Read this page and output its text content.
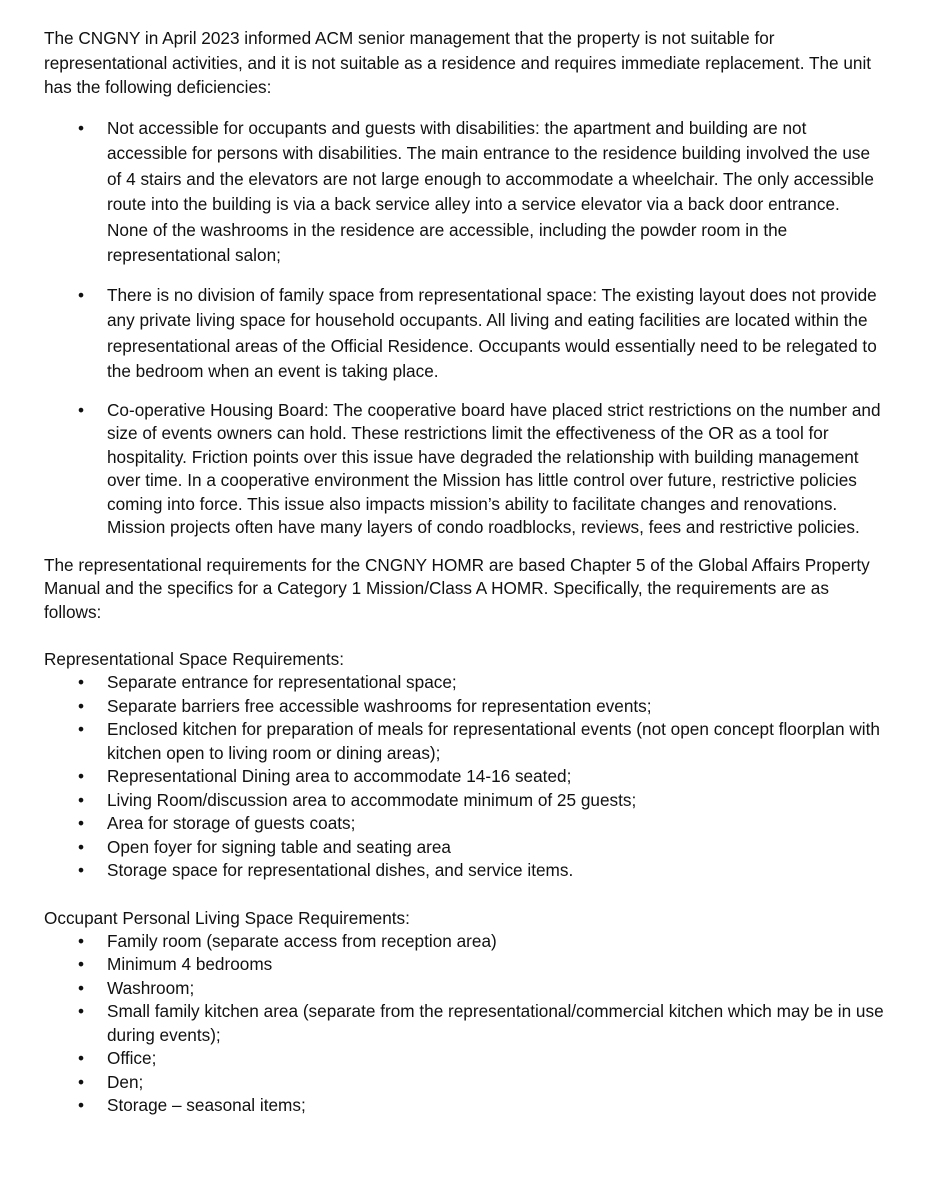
The CNGNY in April 2023 informed ACM senior management that the property is not suitable for representational activities, and it is not suitable as a residence and requires immediate replacement. The unit has the following deficiencies:

• Not accessible for occupants and guests with disabilities: the apartment and building are not accessible for persons with disabilities. The main entrance to the residence building involved the use of 4 stairs and the elevators are not large enough to accommodate a wheelchair. The only accessible route into the building is via a back service alley into a service elevator via a back door entrance. None of the washrooms in the residence are accessible, including the powder room in the representational salon;
• There is no division of family space from representational space: The existing layout does not provide any private living space for household occupants. All living and eating facilities are located within the representational areas of the Official Residence. Occupants would essentially need to be relegated to the bedroom when an event is taking place.
• Co-operative Housing Board: The cooperative board have placed strict restrictions on the number and size of events owners can hold. These restrictions limit the effectiveness of the OR as a tool for hospitality. Friction points over this issue have degraded the relationship with building management over time. In a cooperative environment the Mission has little control over future, restrictive policies coming into force. This issue also impacts mission’s ability to facilitate changes and renovations. Mission projects often have many layers of condo roadblocks, reviews, fees and restrictive policies.

The representational requirements for the CNGNY HOMR are based Chapter 5 of the Global Affairs Property Manual and the specifics for a Category 1 Mission/Class A HOMR. Specifically, the requirements are as follows:

Representational Space Requirements:

• Separate entrance for representational space;
• Separate barriers free accessible washrooms for representation events;
• Enclosed kitchen for preparation of meals for representational events (not open concept floorplan with kitchen open to living room or dining areas);
• Representational Dining area to accommodate 14-16 seated;
• Living Room/discussion area to accommodate minimum of 25 guests;
• Area for storage of guests coats;
• Open foyer for signing table and seating area
• Storage space for representational dishes, and service items.

Occupant Personal Living Space Requirements:

• Family room (separate access from reception area)
• Minimum 4 bedrooms
• Washroom;
• Small family kitchen area (separate from the representational/commercial kitchen which may be in use during events);
• Office;
• Den;
• Storage – seasonal items;
